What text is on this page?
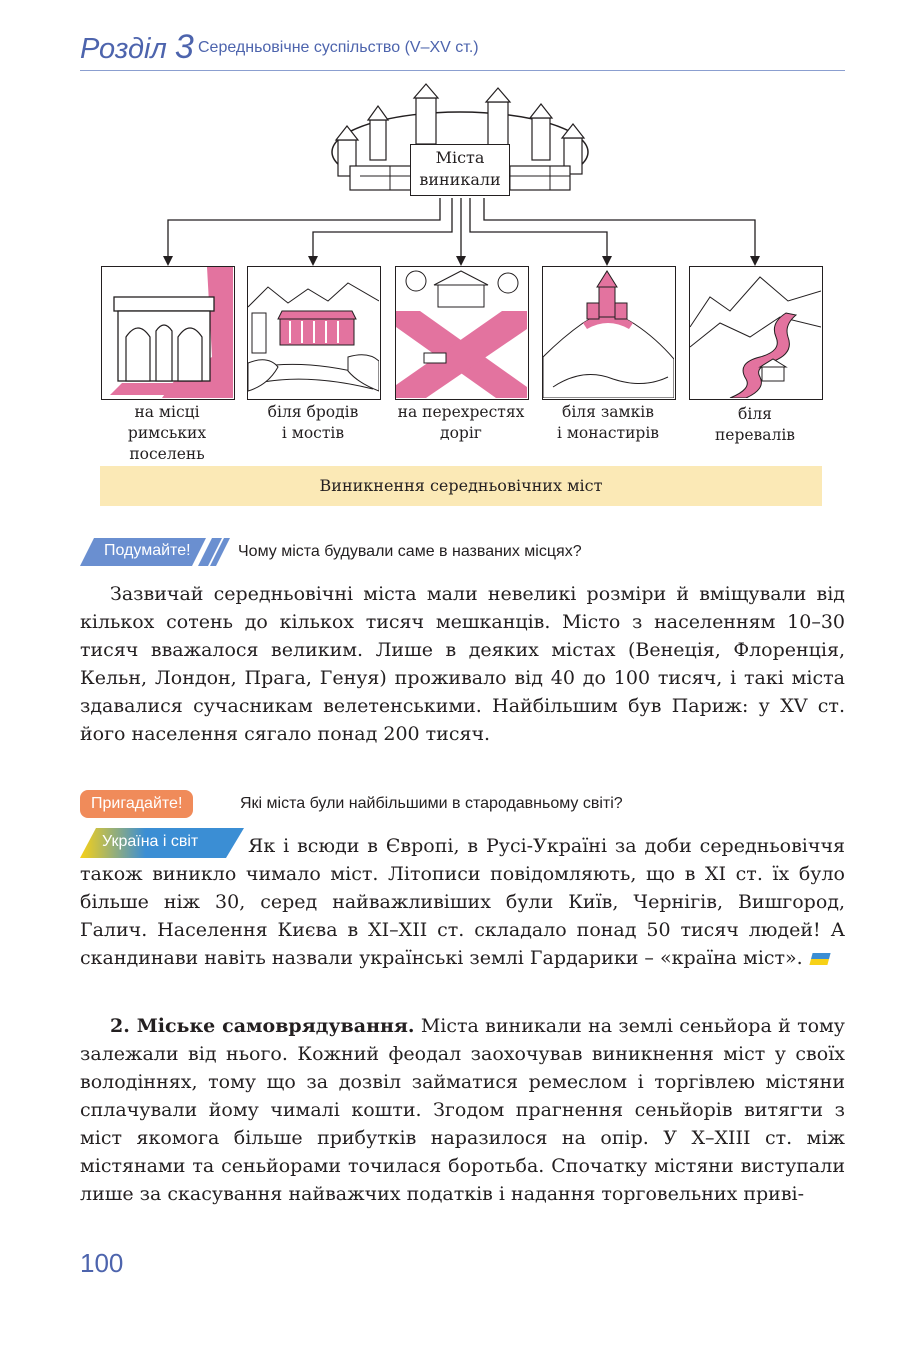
Розділ 3 Середньовічне суспільство (V–XV ст.)
Міста
виникали
на місці
римських
поселень
біля бродів
і мостів
на перехрестях
доріг
біля замків
і монастирів
біля
перевалів
Виникнення середньовічних міст
Подумайте!	Чому міста будували саме в названих місцях?
Зазвичай середньовічні міста мали невеликі розміри й вміщували від кількох сотень до кількох тисяч мешканців. Місто з населенням 10–30 тисяч вважалося великим. Лише в деяких містах (Венеція, Флоренція, Кельн, Лондон, Прага, Генуя) проживало від 40 до 100 тисяч, і такі міста здавалися сучасникам велетенськими. Найбільшим був Париж: у XV ст. його населення сягало понад 200 тисяч.
Пригадайте!	Які міста були найбільшими в стародавньому світі?
Україна і світ	Як і всюди в Європі, в Русі-Україні за доби середньовіччя також виникло чимало міст. Літописи повідомляють, що в XI ст. їх було більше ніж 30, серед найважливіших були Київ, Чернігів, Вишгород, Галич. Населення Києва в XI–XII ст. складало понад 50 тисяч людей! А скандинави навіть назвали українські землі Гардарики – «країна міст».
2. Міське самоврядування. Міста виникали на землі сеньйора й тому залежали від нього. Кожний феодал заохочував виникнення міст у своїх володіннях, тому що за дозвіл займатися ремеслом і торгівлею містяни сплачували йому чималі кошти. Згодом прагнення сеньйорів витягти з міст якомога більше прибутків наразилося на опір. У X–XIII ст. між містянами та сеньйорами точилася боротьба. Спочатку містяни виступали лише за скасування найважчих податків і надання торговельних приві-
100
